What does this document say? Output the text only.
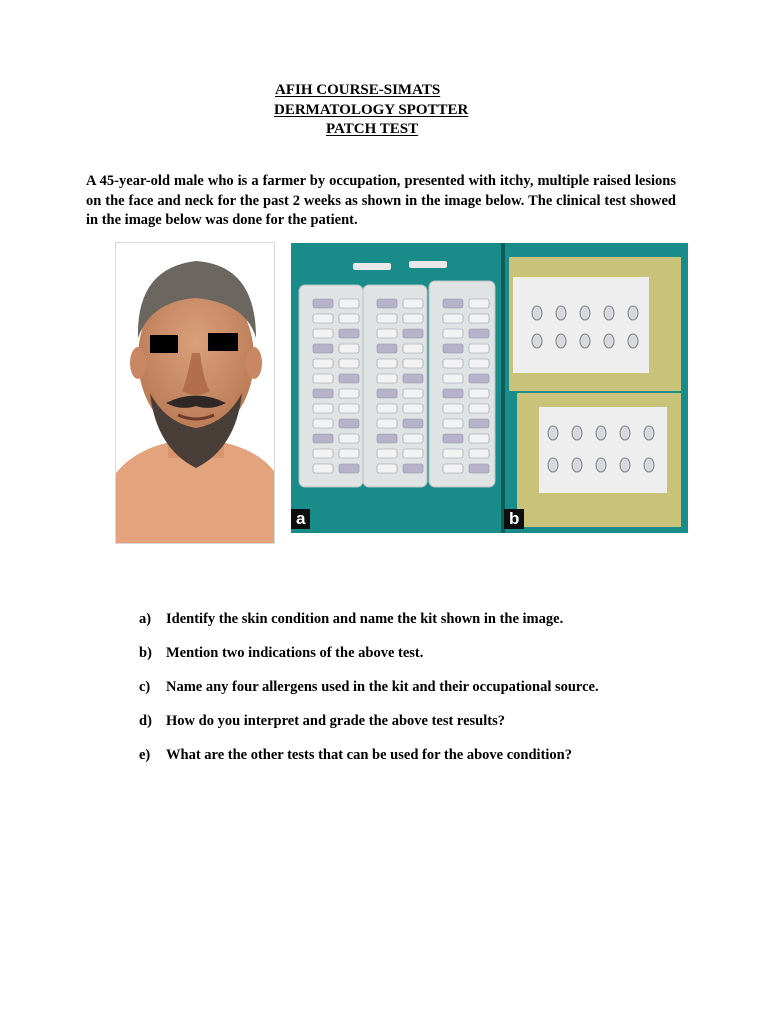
AFIH COURSE-SIMATS
DERMATOLOGY SPOTTER
PATCH TEST
A 45-year-old male who is a farmer by occupation, presented with itchy, multiple raised lesions on the face and neck for the past 2 weeks as shown in the image below. The clinical test showed in the image below was done for the patient.
a	b
a) Identify the skin condition and name the kit shown in the image.
b) Mention two indications of the above test.
c) Name any four allergens used in the kit and their occupational source.
d) How do you interpret and grade the above test results?
e) What are the other tests that can be used for the above condition?
